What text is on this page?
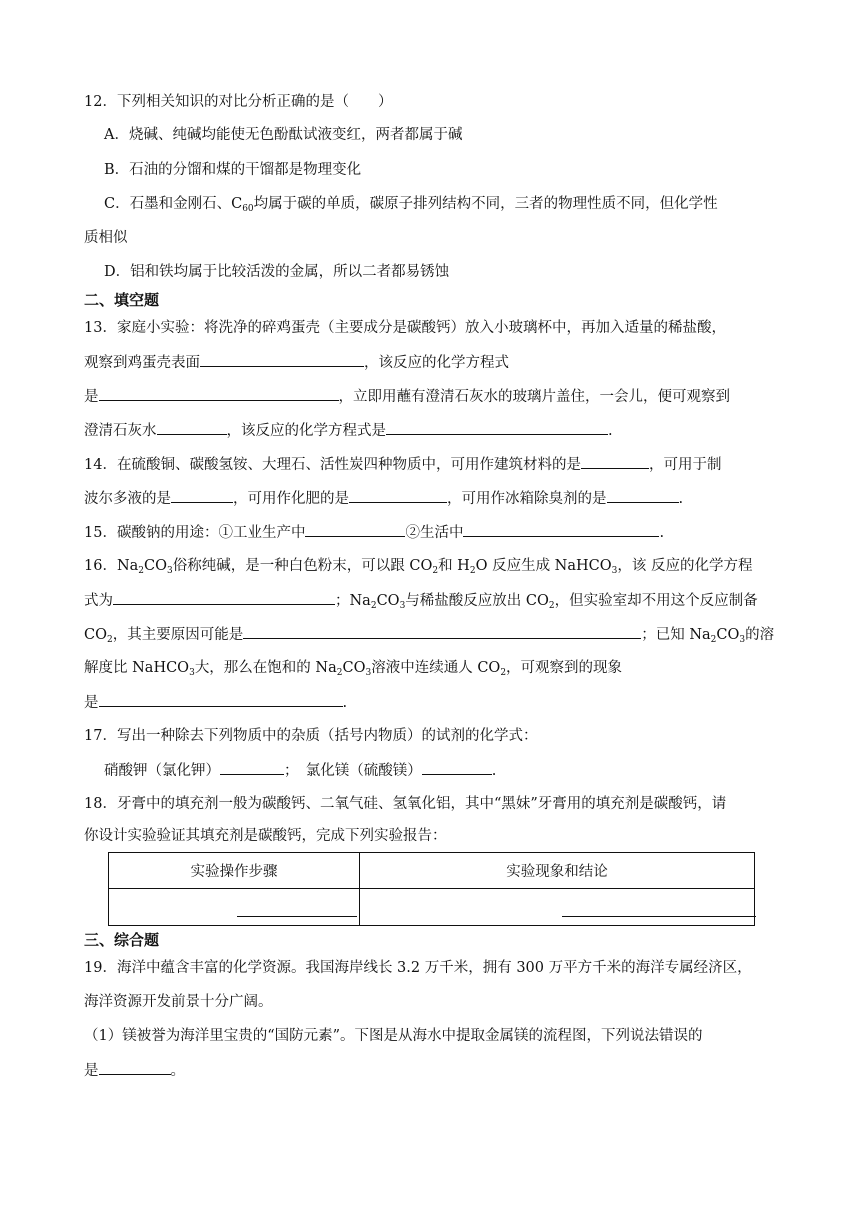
12．下列相关知识的对比分析正确的是（　　）
A．烧碱、纯碱均能使无色酚酞试液变红，两者都属于碱
B．石油的分馏和煤的干馏都是物理变化
C．石墨和金刚石、$C_{60}$均属于碳的单质，碳原子排列结构不同，三者的物理性质不同，但化学性
质相似
D．铝和铁均属于比较活泼的金属，所以二者都易锈蚀
二、填空题
13．家庭小实验：将洗净的碎鸡蛋壳（主要成分是碳酸钙）放入小玻璃杯中，再加入适量的稀盐酸，
观察到鸡蛋壳表面	，该反应的化学方程式
是	，立即用蘸有澄清石灰水的玻璃片盖住，一会儿，便可观察到
澄清石灰水	，该反应的化学方程式是	.
14．在硫酸铜、碳酸氢铵、大理石、活性炭四种物质中，可用作建筑材料的是	，可用于制
波尔多液的是	，可用作化肥的是	，可用作冰箱除臭剂的是	.
15．碳酸钠的用途：①工业生产中	②生活中	.
16．$Na_2CO_3$俗称纯碱，是一种白色粉末，可以跟 $CO_2$和 $H_2O$ 反应生成 NaHCO$_3$，该 反应的化学方程
式为	；$Na_2CO_3$与稀盐酸反应放出 $CO_2$，但实验室却不用这个反应制备
$CO_2$，其主要原因可能是	；已知 $Na_2CO_3$的溶
解度比 NaHCO$_3$大，那么在饱和的 $Na_2CO_3$溶液中连续通人 $CO_2$，可观察到的现象
是	.
17．写出一种除去下列物质中的杂质（括号内物质）的试剂的化学式：
硝酸钾（氯化钾）	；　氯化镁（硫酸镁）	.
18．牙膏中的填充剂一般为碳酸钙、二氧气硅、氢氧化铝，其中“黑妹”牙膏用的填充剂是碳酸钙，请
你设计实验验证其填充剂是碳酸钙，完成下列实验报告：
实验操作步骤	实验现象和结论

三、综合题
19．海洋中蕴含丰富的化学资源。我国海岸线长 3.2 万千米，拥有 300 万平方千米的海洋专属经济区，
海洋资源开发前景十分广阔。
（1）镁被誉为海洋里宝贵的“国防元素”。下图是从海水中提取金属镁的流程图，下列说法错误的
是	。
